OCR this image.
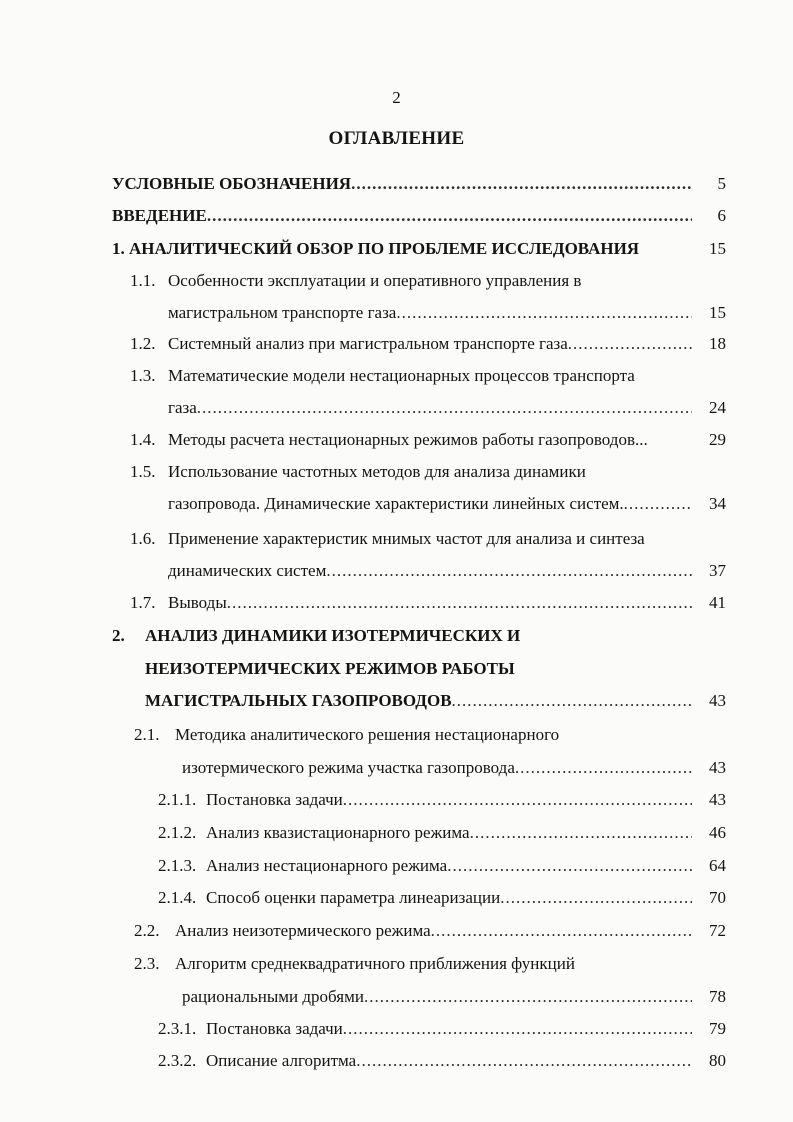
2
ОГЛАВЛЕНИЕ
УСЛОВНЫЕ ОБОЗНАЧЕНИЯ .....	5
ВВЕДЕНИЕ .....	6
1. АНАЛИТИЧЕСКИЙ ОБЗОР ПО ПРОБЛЕМЕ ИССЛЕДОВАНИЯ	15
1.1. Особенности эксплуатации и оперативного управления в
магистральном транспорте газа .....	15
1.2. Системный анализ при магистральном транспорте газа .....	18
1.3. Математические модели нестационарных процессов транспорта
газа .....	24
1.4. Методы расчета нестационарных режимов работы газопроводов...	29
1.5. Использование частотных методов для анализа динамики
газопровода. Динамические характеристики линейных систем. .....	34
1.6. Применение характеристик мнимых частот для анализа и синтеза
динамических систем .....	37
1.7. Выводы .....	41
2. АНАЛИЗ ДИНАМИКИ ИЗОТЕРМИЧЕСКИХ И
НЕИЗОТЕРМИЧЕСКИХ РЕЖИМОВ РАБОТЫ
МАГИСТРАЛЬНЫХ ГАЗОПРОВОДОВ .....	43
2.1. Методика аналитического решения нестационарного
изотермического режима участка газопровода .....	43
2.1.1. Постановка задачи .....	43
2.1.2. Анализ квазистационарного режима .....	46
2.1.3. Анализ нестационарного режима .....	64
2.1.4. Способ оценки параметра линеаризации .....	70
2.2. Анализ неизотермического режима .....	72
2.3. Алгоритм среднеквадратичного приближения функций
рациональными дробями .....	78
2.3.1. Постановка задачи .....	79
2.3.2. Описание алгоритма .....	80
